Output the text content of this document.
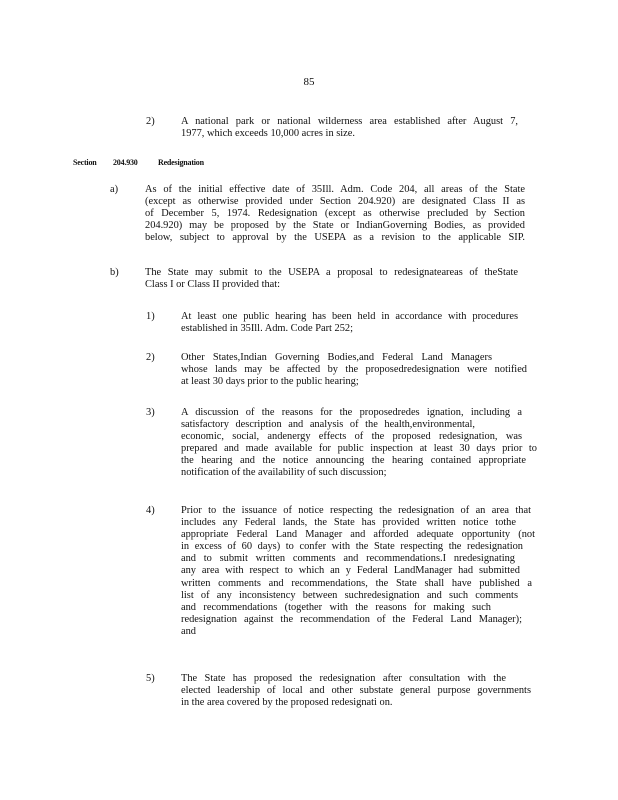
85
2)	A national park or national wilderness area established after August 7,
1977, which exceeds 10,000 acres in size.
Section 204.930	Redesignation
a)	As of the initial effective date of 35Ill. Adm. Code 204, all areas of the State
(except as otherwise provided under Section 204.920) are designated Class II as
of December 5, 1974. Redesignation (except as otherwise precluded by Section
204.920) may be proposed by the State or IndianGoverning Bodies, as provided
below, subject to approval by the USEPA as a revision to the applicable SIP.
b)	The State may submit to the USEPA a proposal to redesignateareas of theState
Class I or Class II provided that:
1)	At least one public hearing has been held in accordance with procedures
established in 35Ill. Adm. Code Part 252;
2)	Other States,Indian Governing Bodies,and Federal Land Managers
whose lands may be affected by the proposedredesignation were notified
at least 30 days prior to the public hearing;
3)	A discussion of the reasons for the proposedredes ignation, including a
satisfactory description and analysis of the health,environmental,
economic, social, andenergy effects of the proposed redesignation, was
prepared and made available for public inspection at least 30 days prior to
the hearing and the notice announcing the hearing contained appropriate
notification of the availability of such discussion;
4)	Prior to the issuance of notice respecting the redesignation of an area that
includes any Federal lands, the State has provided written notice tothe
appropriate Federal Land Manager and afforded adequate opportunity (not
in excess of 60 days) to confer with the State respecting the redesignation
and to submit written comments and recommendations.I nredesignating
any area with respect to which an y Federal LandManager had submitted
written comments and recommendations, the State shall have published a
list of any inconsistency between suchredesignation and such comments
and recommendations (together with the reasons for making such
redesignation against the recommendation of the Federal Land Manager);
and
5)	The State has proposed the redesignation after consultation with the
elected leadership of local and other substate general purpose governments
in the area covered by the proposed redesignati on.
